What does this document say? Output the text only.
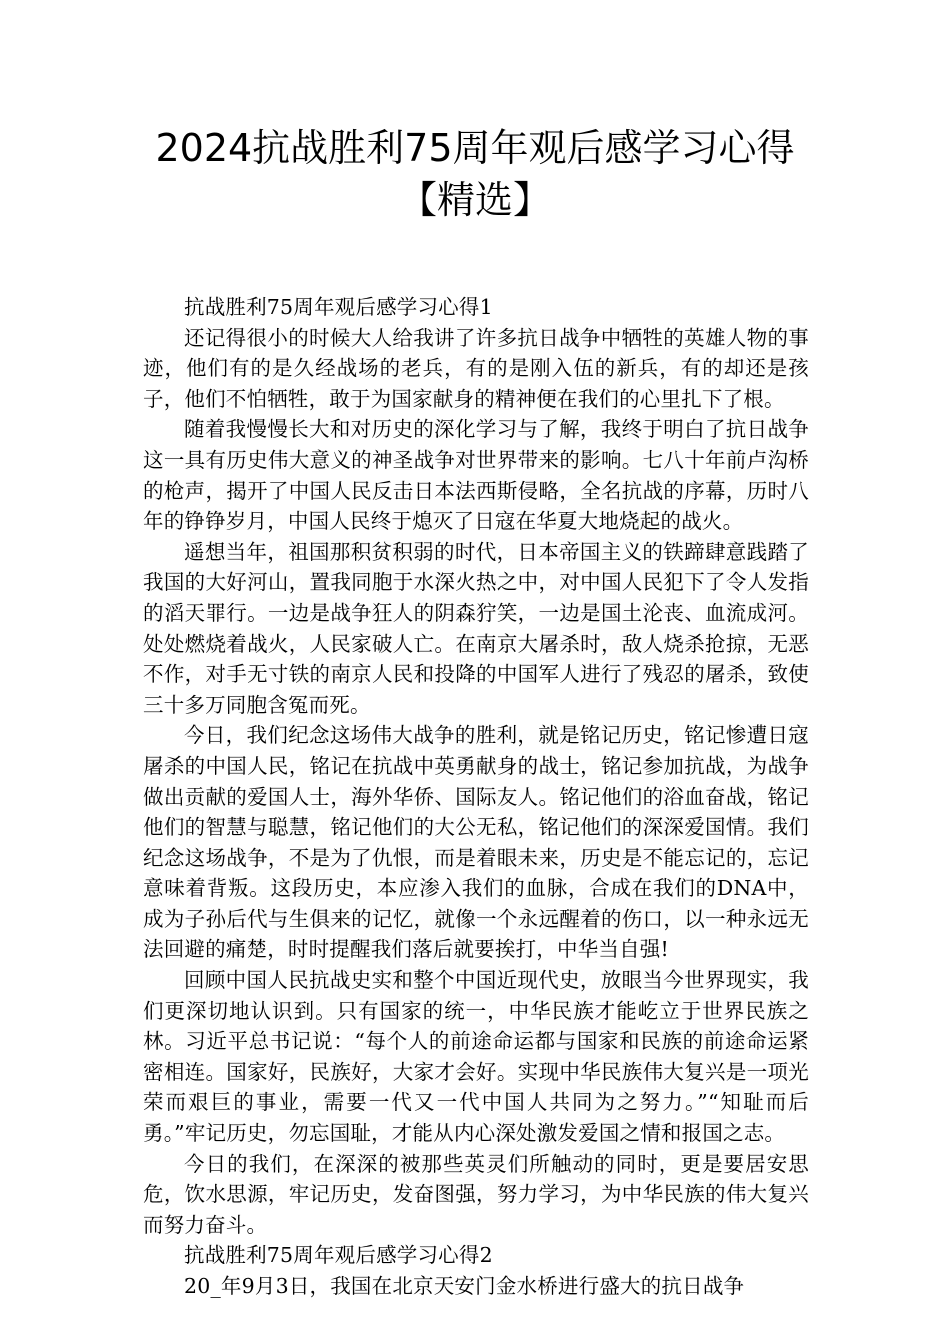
2024抗战胜利75周年观后感学习心得
【精选】

抗战胜利75周年观后感学习心得1

还记得很小的时候大人给我讲了许多抗日战争中牺牲的英雄人物的事迹，他们有的是久经战场的老兵，有的是刚入伍的新兵，有的却还是孩子，他们不怕牺牲，敢于为国家献身的精神便在我们的心里扎下了根。

随着我慢慢长大和对历史的深化学习与了解，我终于明白了抗日战争这一具有历史伟大意义的神圣战争对世界带来的影响。七八十年前卢沟桥的枪声，揭开了中国人民反击日本法西斯侵略，全名抗战的序幕，历时八年的铮铮岁月，中国人民终于熄灭了日寇在华夏大地烧起的战火。

遥想当年，祖国那积贫积弱的时代，日本帝国主义的铁蹄肆意践踏了我国的大好河山，置我同胞于水深火热之中，对中国人民犯下了令人发指的滔天罪行。一边是战争狂人的阴森狞笑，一边是国土沦丧、血流成河。处处燃烧着战火，人民家破人亡。在南京大屠杀时，敌人烧杀抢掠，无恶不作，对手无寸铁的南京人民和投降的中国军人进行了残忍的屠杀，致使三十多万同胞含冤而死。

今日，我们纪念这场伟大战争的胜利，就是铭记历史，铭记惨遭日寇屠杀的中国人民，铭记在抗战中英勇献身的战士，铭记参加抗战，为战争做出贡献的爱国人士，海外华侨、国际友人。铭记他们的浴血奋战，铭记他们的智慧与聪慧，铭记他们的大公无私，铭记他们的深深爱国情。我们纪念这场战争，不是为了仇恨，而是着眼未来，历史是不能忘记的，忘记意味着背叛。这段历史，本应渗入我们的血脉，合成在我们的DNA中，成为子孙后代与生俱来的记忆，就像一个永远醒着的伤口，以一种永远无法回避的痛楚，时时提醒我们落后就要挨打，中华当自强!

回顾中国人民抗战史实和整个中国近现代史，放眼当今世界现实，我们更深切地认识到。只有国家的统一，中华民族才能屹立于世界民族之林。习近平总书记说：“每个人的前途命运都与国家和民族的前途命运紧密相连。国家好，民族好，大家才会好。实现中华民族伟大复兴是一项光荣而艰巨的事业，需要一代又一代中国人共同为之努力。”“知耻而后勇。”牢记历史，勿忘国耻，才能从内心深处激发爱国之情和报国之志。

今日的我们，在深深的被那些英灵们所触动的同时，更是要居安思危，饮水思源，牢记历史，发奋图强，努力学习，为中华民族的伟大复兴而努力奋斗。

抗战胜利75周年观后感学习心得2

20_年9月3日，我国在北京天安门金水桥进行盛大的抗日战争
